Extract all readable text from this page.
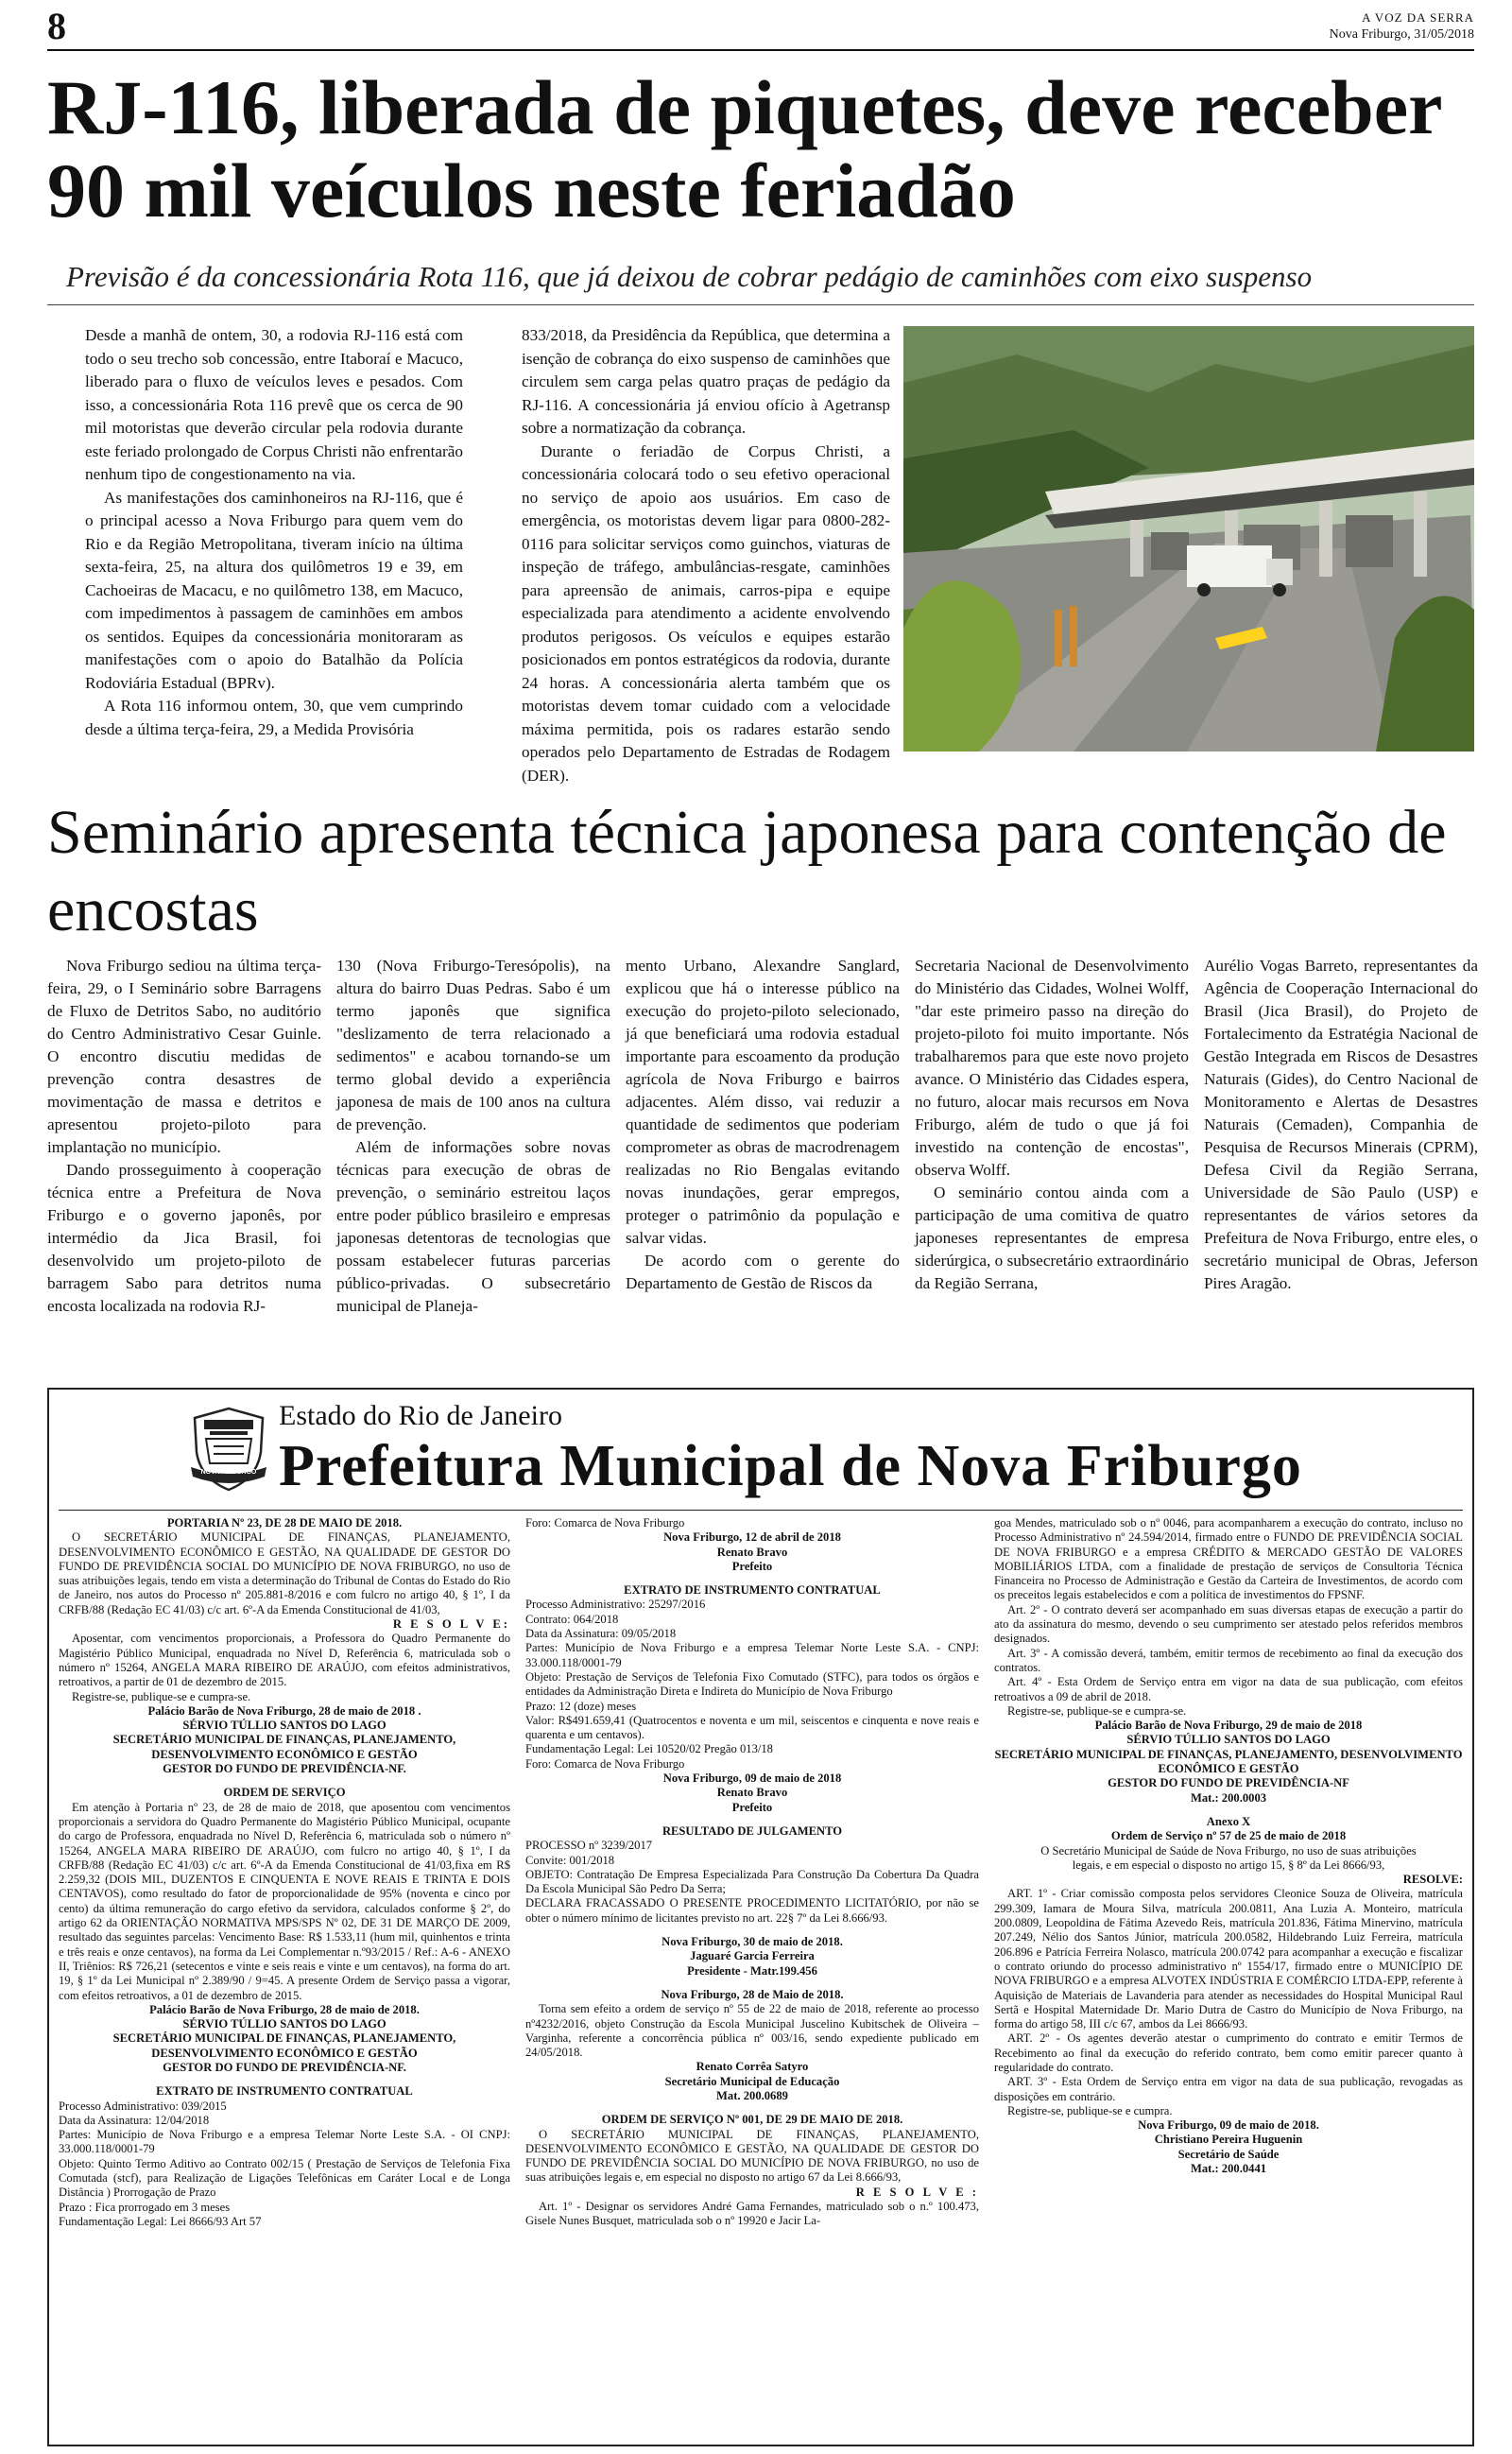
8	A VOZ DA SERRA
Nova Friburgo, 31/05/2018
RJ-116, liberada de piquetes, deve receber 90 mil veículos neste feriadão
Previsão é da concessionária Rota 116, que já deixou de cobrar pedágio de caminhões com eixo suspenso

Desde a manhã de ontem, 30, a rodovia RJ-116 está com todo o seu trecho sob concessão, entre Itaboraí e Macuco, liberado para o fluxo de veículos leves e pesados. Com isso, a concessionária Rota 116 prevê que os cerca de 90 mil motoristas que deverão circular pela rodovia durante este feriado prolongado de Corpus Christi não enfrentarão nenhum tipo de congestionamento na via.

As manifestações dos caminhoneiros na RJ-116, que é o principal acesso a Nova Friburgo para quem vem do Rio e da Região Metropolitana, tiveram início na última sexta-feira, 25, na altura dos quilômetros 19 e 39, em Cachoeiras de Macacu, e no quilômetro 138, em Macuco, com impedimentos à passagem de caminhões em ambos os sentidos. Equipes da concessionária monitoraram as manifestações com o apoio do Batalhão da Polícia Rodoviária Estadual (BPRv).

A Rota 116 informou ontem, 30, que vem cumprindo desde a última terça-feira, 29, a Medida Provisória

833/2018, da Presidência da República, que determina a isenção de cobrança do eixo suspenso de caminhões que circulem sem carga pelas quatro praças de pedágio da RJ-116. A concessionária já enviou ofício à Agetransp sobre a normatização da cobrança.

Durante o feriadão de Corpus Christi, a concessionária colocará todo o seu efetivo operacional no serviço de apoio aos usuários. Em caso de emergência, os motoristas devem ligar para 0800-282-0116 para solicitar serviços como guinchos, viaturas de inspeção de tráfego, ambulâncias-resgate, caminhões para apreensão de animais, carros-pipa e equipe especializada para atendimento a acidente envolvendo produtos perigosos. Os veículos e equipes estarão posicionados em pontos estratégicos da rodovia, durante 24 horas. A concessionária alerta também que os motoristas devem tomar cuidado com a velocidade máxima permitida, pois os radares estarão sendo operados pelo Departamento de Estradas de Rodagem (DER).

Seminário apresenta técnica japonesa para contenção de encostas

Nova Friburgo sediou na última terça-feira, 29, o I Seminário sobre Barragens de Fluxo de Detritos Sabo, no auditório do Centro Administrativo Cesar Guinle. O encontro discutiu medidas de prevenção contra desastres de movimentação de massa e detritos e apresentou projeto-piloto para implantação no município.

Dando prosseguimento à cooperação técnica entre a Prefeitura de Nova Friburgo e o governo japonês, por intermédio da Jica Brasil, foi desenvolvido um projeto-piloto de barragem Sabo para detritos numa encosta localizada na rodovia RJ-

130 (Nova Friburgo-Teresópolis), na altura do bairro Duas Pedras. Sabo é um termo japonês que significa "deslizamento de terra relacionado a sedimentos" e acabou tornando-se um termo global devido a experiência japonesa de mais de 100 anos na cultura de prevenção.

Além de informações sobre novas técnicas para execução de obras de prevenção, o seminário estreitou laços entre poder público brasileiro e empresas japonesas detentoras de tecnologias que possam estabelecer futuras parcerias público-privadas. O subsecretário municipal de Planeja-

mento Urbano, Alexandre Sanglard, explicou que há o interesse público na execução do projeto-piloto selecionado, já que beneficiará uma rodovia estadual importante para escoamento da produção agrícola de Nova Friburgo e bairros adjacentes. Além disso, vai reduzir a quantidade de sedimentos que poderiam comprometer as obras de macrodrenagem realizadas no Rio Bengalas evitando novas inundações, gerar empregos, proteger o patrimônio da população e salvar vidas.

De acordo com o gerente do Departamento de Gestão de Riscos da

Secretaria Nacional de Desenvolvimento do Ministério das Cidades, Wolnei Wolff, "dar este primeiro passo na direção do projeto-piloto foi muito importante. Nós trabalharemos para que este novo projeto avance. O Ministério das Cidades espera, no futuro, alocar mais recursos em Nova Friburgo, além de tudo o que já foi investido na contenção de encostas", observa Wolff.

O seminário contou ainda com a participação de uma comitiva de quatro japoneses representantes de empresa siderúrgica, o subsecretário extraordinário da Região Serrana,

Aurélio Vogas Barreto, representantes da Agência de Cooperação Internacional do Brasil (Jica Brasil), do Projeto de Fortalecimento da Estratégia Nacional de Gestão Integrada em Riscos de Desastres Naturais (Gides), do Centro Nacional de Monitoramento e Alertas de Desastres Naturais (Cemaden), Companhia de Pesquisa de Recursos Minerais (CPRM), Defesa Civil da Região Serrana, Universidade de São Paulo (USP) e representantes de vários setores da Prefeitura de Nova Friburgo, entre eles, o secretário municipal de Obras, Jeferson Pires Aragão.

NOVA FRIBURGO
Estado do Rio de Janeiro
Prefeitura Municipal de Nova Friburgo
PORTARIA Nº 23, DE 28 DE MAIO DE 2018.
O SECRETÁRIO MUNICIPAL DE FINANÇAS, PLANEJAMENTO, DESENVOLVIMENTO ECONÔMICO E GESTÃO, NA QUALIDADE DE GESTOR DO FUNDO DE PREVIDÊNCIA SOCIAL DO MUNICÍPIO DE NOVA FRIBURGO, no uso de suas atribuições legais, tendo em vista a determinação do Tribunal de Contas do Estado do Rio de Janeiro, nos autos do Processo nº 205.881-8/2016 e com fulcro no artigo 40, § 1º, I da CRFB/88 (Redação EC 41/03) c/c art. 6º-A da Emenda Constitucional de 41/03,
R E S O L V E:
Aposentar, com vencimentos proporcionais, a Professora do Quadro Permanente do Magistério Público Municipal, enquadrada no Nível D, Referência 6, matriculada sob o número nº 15264, ANGELA MARA RIBEIRO DE ARAÚJO, com efeitos administrativos, retroativos, a partir de 01 de dezembro de 2015.
Registre-se, publique-se e cumpra-se.
Palácio Barão de Nova Friburgo, 28 de maio de 2018 .
SÉRVIO TÚLLIO SANTOS DO LAGO
SECRETÁRIO MUNICIPAL DE FINANÇAS, PLANEJAMENTO, DESENVOLVIMENTO ECONÔMICO E GESTÃO
GESTOR DO FUNDO DE PREVIDÊNCIA-NF.
ORDEM DE SERVIÇO
Em atenção à Portaria nº 23, de 28 de maio de 2018, que aposentou com vencimentos proporcionais a servidora do Quadro Permanente do Magistério Público Municipal, ocupante do cargo de Professora, enquadrada no Nível D, Referência 6, matriculada sob o número nº 15264, ANGELA MARA RIBEIRO DE ARAÚJO, com fulcro no artigo 40, § 1º, I da CRFB/88 (Redação EC 41/03) c/c art. 6º-A da Emenda Constitucional de 41/03,fixa em R$ 2.259,32 (DOIS MIL, DUZENTOS E CINQUENTA E NOVE REAIS E TRINTA E DOIS CENTAVOS), como resultado do fator de proporcionalidade de 95% (noventa e cinco por cento) da última remuneração do cargo efetivo da servidora, calculados conforme § 2º, do artigo 62 da ORIENTAÇÃO NORMATIVA MPS/SPS Nº 02, DE 31 DE MARÇO DE 2009, resultado das seguintes parcelas: Vencimento Base: R$ 1.533,11 (hum mil, quinhentos e trinta e três reais e onze centavos), na forma da Lei Complementar n.º93/2015 / Ref.: A-6 - ANEXO II, Triênios: R$ 726,21 (setecentos e vinte e seis reais e vinte e um centavos), na forma do art. 19, § 1º da Lei Municipal nº 2.389/90 / 9=45. A presente Ordem de Serviço passa a vigorar, com efeitos retroativos, a 01 de dezembro de 2015.
Palácio Barão de Nova Friburgo, 28 de maio de 2018.
SÉRVIO TÚLLIO SANTOS DO LAGO
SECRETÁRIO MUNICIPAL DE FINANÇAS, PLANEJAMENTO, DESENVOLVIMENTO ECONÔMICO E GESTÃO
GESTOR DO FUNDO DE PREVIDÊNCIA-NF.
EXTRATO DE INSTRUMENTO CONTRATUAL
Processo Administrativo: 039/2015
Data da Assinatura: 12/04/2018
Partes: Município de Nova Friburgo e a empresa Telemar Norte Leste S.A. - OI CNPJ: 33.000.118/0001-79
Objeto: Quinto Termo Aditivo ao Contrato 002/15 ( Prestação de Serviços de Telefonia Fixa Comutada (stcf), para Realização de Ligações Telefônicas em Caráter Local e de Longa Distância ) Prorrogação de Prazo
Prazo : Fica prorrogado em 3 meses
Fundamentação Legal: Lei 8666/93 Art 57
Foro: Comarca de Nova Friburgo
Nova Friburgo, 12 de abril de 2018
Renato Bravo
Prefeito
EXTRATO DE INSTRUMENTO CONTRATUAL
Processo Administrativo: 25297/2016
Contrato: 064/2018
Data da Assinatura: 09/05/2018
Partes: Município de Nova Friburgo e a empresa Telemar Norte Leste S.A. - CNPJ: 33.000.118/0001-79
Objeto: Prestação de Serviços de Telefonia Fixo Comutado (STFC), para todos os órgãos e entidades da Administração Direta e Indireta do Município de Nova Friburgo
Prazo: 12 (doze) meses
Valor: R$491.659,41 (Quatrocentos e noventa e um mil, seiscentos e cinquenta e nove reais e quarenta e um centavos).
Fundamentação Legal: Lei 10520/02 Pregão 013/18
Foro: Comarca de Nova Friburgo
Nova Friburgo, 09 de maio de 2018
Renato Bravo
Prefeito
RESULTADO DE JULGAMENTO
PROCESSO nº 3239/2017
Convite: 001/2018
OBJETO: Contratação De Empresa Especializada Para Construção Da Cobertura Da Quadra Da Escola Municipal São Pedro Da Serra;
DECLARA FRACASSADO O PRESENTE PROCEDIMENTO LICITATÓRIO, por não se obter o número mínimo de licitantes previsto no art. 22§ 7º da Lei 8.666/93.
Nova Friburgo, 30 de maio de 2018.
Jaguaré Garcia Ferreira
Presidente - Matr.199.456
Nova Friburgo, 28 de Maio de 2018.
Torna sem efeito a ordem de serviço nº 55 de 22 de maio de 2018, referente ao processo nº4232/2016, objeto Construção da Escola Municipal Juscelino Kubitschek de Oliveira – Varginha, referente a concorrência pública nº 003/16, sendo expediente publicado em 24/05/2018.
Renato Corrêa Satyro
Secretário Municipal de Educação
Mat. 200.0689
ORDEM DE SERVIÇO Nº 001, DE 29 DE MAIO DE 2018.
O SECRETÁRIO MUNICIPAL DE FINANÇAS, PLANEJAMENTO, DESENVOLVIMENTO ECONÔMICO E GESTÃO, NA QUALIDADE DE GESTOR DO FUNDO DE PREVIDÊNCIA SOCIAL DO MUNICÍPIO DE NOVA FRIBURGO, no uso de suas atribuições legais e, em especial no disposto no artigo 67 da Lei 8.666/93,
R E S O L V E :
Art. 1º - Designar os servidores André Gama Fernandes, matriculado sob o n.º 100.473, Gisele Nunes Busquet, matriculada sob o nº 19920 e Jacir La-
goa Mendes, matriculado sob o nº 0046, para acompanharem a execução do contrato, incluso no Processo Administrativo nº 24.594/2014, firmado entre o FUNDO DE PREVIDÊNCIA SOCIAL DE NOVA FRIBURGO e a empresa CRÉDITO & MERCADO GESTÃO DE VALORES MOBILIÁRIOS LTDA, com a finalidade de prestação de serviços de Consultoria Técnica Financeira no Processo de Administração e Gestão da Carteira de Investimentos, de acordo com os preceitos legais estabelecidos e com a política de investimentos do FPSNF.
Art. 2º - O contrato deverá ser acompanhado em suas diversas etapas de execução a partir do ato da assinatura do mesmo, devendo o seu cumprimento ser atestado pelos referidos membros designados.
Art. 3º - A comissão deverá, também, emitir termos de recebimento ao final da execução dos contratos.
Art. 4º - Esta Ordem de Serviço entra em vigor na data de sua publicação, com efeitos retroativos a 09 de abril de 2018.
Registre-se, publique-se e cumpra-se.
Palácio Barão de Nova Friburgo, 29 de maio de 2018
SÉRVIO TÚLLIO SANTOS DO LAGO
SECRETÁRIO MUNICIPAL DE FINANÇAS, PLANEJAMENTO, DESENVOLVIMENTO ECONÔMICO E GESTÃO
GESTOR DO FUNDO DE PREVIDÊNCIA-NF
Mat.: 200.0003
Anexo X
Ordem de Serviço nº 57 de 25 de maio de 2018
O Secretário Municipal de Saúde de Nova Friburgo, no uso de suas atribuições legais, e em especial o disposto no artigo 15, § 8º da Lei 8666/93,
RESOLVE:
ART. 1º - Criar comissão composta pelos servidores Cleonice Souza de Oliveira, matrícula 299.309, Iamara de Moura Silva, matrícula 200.0811, Ana Luzia A. Monteiro, matrícula 200.0809, Leopoldina de Fátima Azevedo Reis, matrícula 201.836, Fátima Minervino, matrícula 207.249, Nélio dos Santos Júnior, matrícula 200.0582, Hildebrando Luiz Ferreira, matrícula 206.896 e Patrícia Ferreira Nolasco, matrícula 200.0742 para acompanhar a execução e fiscalizar o contrato oriundo do processo administrativo nº 1554/17, firmado entre o MUNICÍPIO DE NOVA FRIBURGO e a empresa ALVOTEX INDÚSTRIA E COMÉRCIO LTDA-EPP, referente à Aquisição de Materiais de Lavanderia para atender as necessidades do Hospital Municipal Raul Sertã e Hospital Maternidade Dr. Mario Dutra de Castro do Município de Nova Friburgo, na forma do artigo 58, III c/c 67, ambos da Lei 8666/93.
ART. 2º - Os agentes deverão atestar o cumprimento do contrato e emitir Termos de Recebimento ao final da execução do referido contrato, bem como emitir parecer quanto à regularidade do contrato.
ART. 3º - Esta Ordem de Serviço entra em vigor na data de sua publicação, revogadas as disposições em contrário.
Registre-se, publique-se e cumpra.
Nova Friburgo, 09 de maio de 2018.
Christiano Pereira Huguenin
Secretário de Saúde
Mat.: 200.0441
